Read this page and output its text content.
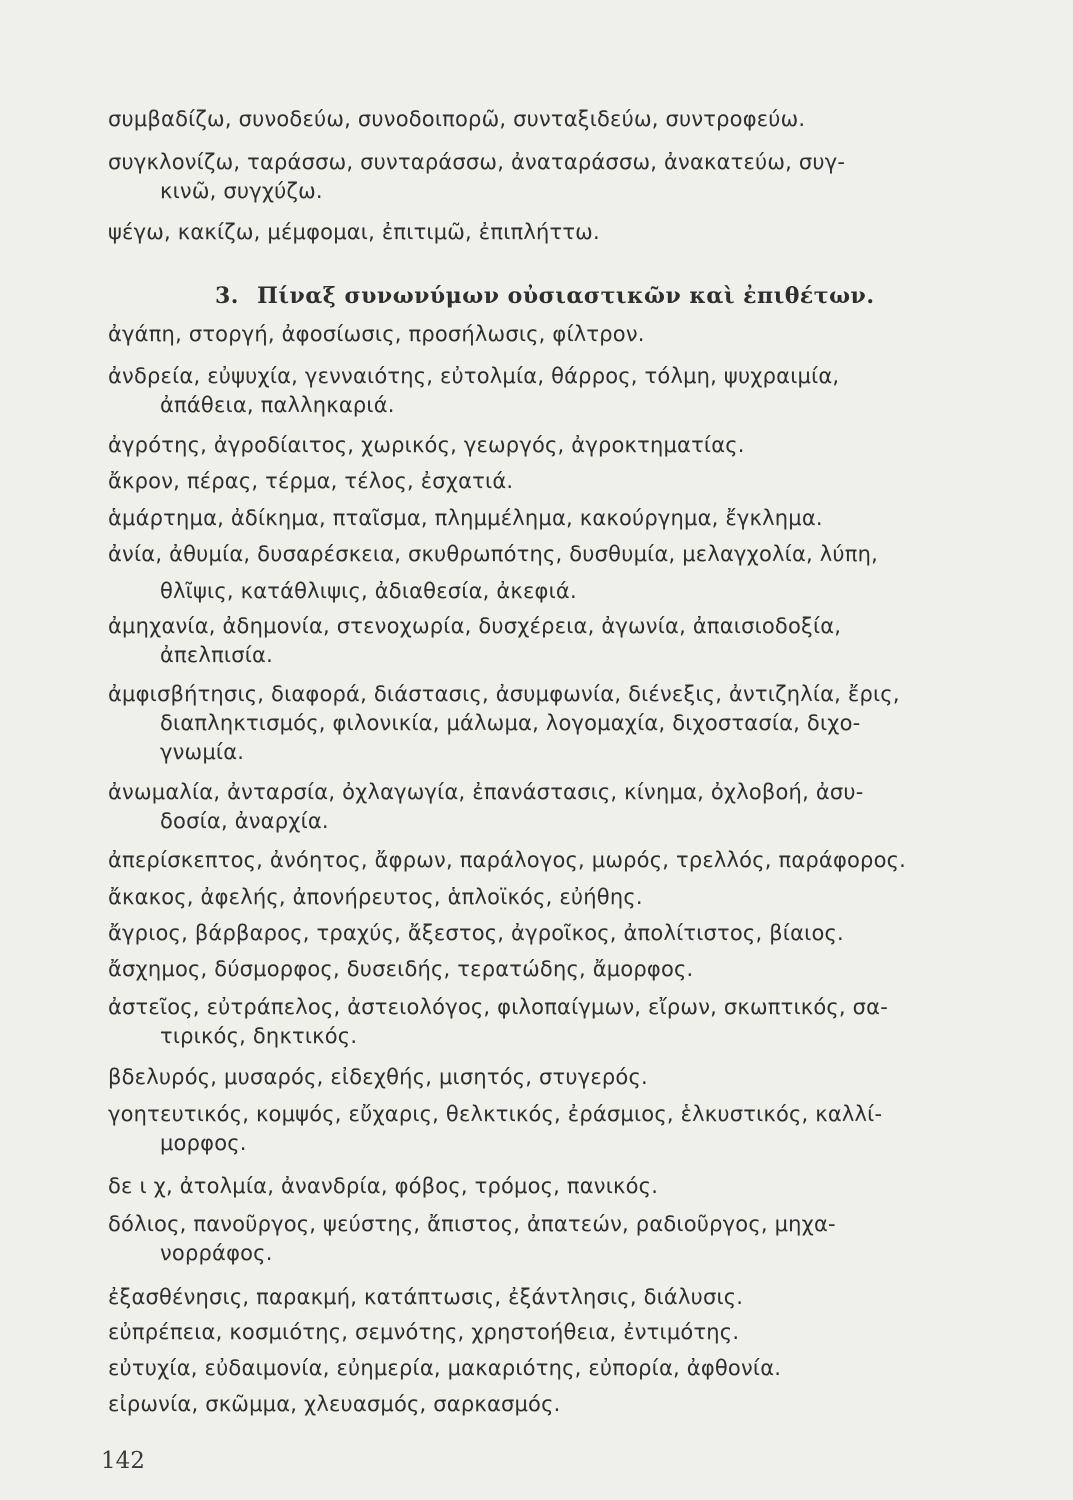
συμβαδίζω, συνοδεύω, συνοδοιπορῶ, συνταξιδεύω, συντροφεύω.
συγκλονίζω, ταράσσω, συνταράσσω, ἀναταράσσω, ἀνακατεύω, συγ-
κινῶ, συγχύζω.
ψέγω, κακίζω, μέμφομαι, ἐπιτιμῶ, ἐπιπλήττω.
3. Πίναξ συνωνύμων οὐσιαστικῶν καὶ ἐπιθέτων.
ἀγάπη, στοργή, ἀφοσίωσις, προσήλωσις, φίλτρον.
ἀνδρεία, εὐψυχία, γενναιότης, εὐτολμία, θάρρος, τόλμη, ψυχραιμία,
ἀπάθεια, παλληκαριά.
ἀγρότης, ἀγροδίαιτος, χωρικός, γεωργός, ἀγροκτηματίας.
ἄκρον, πέρας, τέρμα, τέλος, ἐσχατιά.
ἁμάρτημα, ἀδίκημα, πταῖσμα, πλημμέλημα, κακούργημα, ἔγκλημα.
ἀνία, ἀθυμία, δυσαρέσκεια, σκυθρωπότης, δυσθυμία, μελαγχολία, λύπη,
θλῖψις, κατάθλιψις, ἀδιαθεσία, ἀκεφιά.
ἀμηχανία, ἀδημονία, στενοχωρία, δυσχέρεια, ἀγωνία, ἀπαισιοδοξία,
ἀπελπισία.
ἀμφισβήτησις, διαφορά, διάστασις, ἀσυμφωνία, διένεξις, ἀντιζηλία, ἔρις,
διαπληκτισμός, φιλονικία, μάλωμα, λογομαχία, διχοστασία, διχο-
γνωμία.
ἀνωμαλία, ἀνταρσία, ὀχλαγωγία, ἐπανάστασις, κίνημα, ὀχλοβοή, ἀσυ-
δοσία, ἀναρχία.
ἀπερίσκεπτος, ἀνόητος, ἄφρων, παράλογος, μωρός, τρελλός, παράφορος.
ἄκακος, ἀφελής, ἀπονήρευτος, ἁπλοϊκός, εὐήθης.
ἄγριος, βάρβαρος, τραχύς, ἄξεστος, ἀγροῖκος, ἀπολίτιστος, βίαιος.
ἄσχημος, δύσμορφος, δυσειδής, τερατώδης, ἄμορφος.
ἀστεῖος, εὐτράπελος, ἀστειολόγος, φιλοπαίγμων, εἴρων, σκωπτικός, σα-
τιρικός, δηκτικός.
βδελυρός, μυσαρός, εἰδεχθής, μισητός, στυγερός.
γοητευτικός, κομψός, εὔχαρις, θελκτικός, ἐράσμιος, ἑλκυστικός, καλλί-
μορφος.
δε ι χ, ἀτολμία, ἀνανδρία, φόβος, τρόμος, πανικός.
δόλιος, πανοῦργος, ψεύστης, ἄπιστος, ἀπατεών, ραδιοῦργος, μηχα-
νορράφος.
ἐξασθένησις, παρακμή, κατάπτωσις, ἐξάντλησις, διάλυσις.
εὐπρέπεια, κοσμιότης, σεμνότης, χρηστοήθεια, ἐντιμότης.
εὐτυχία, εὐδαιμονία, εὐημερία, μακαριότης, εὐπορία, ἀφθονία.
εἰρωνία, σκῶμμα, χλευασμός, σαρκασμός.
142
